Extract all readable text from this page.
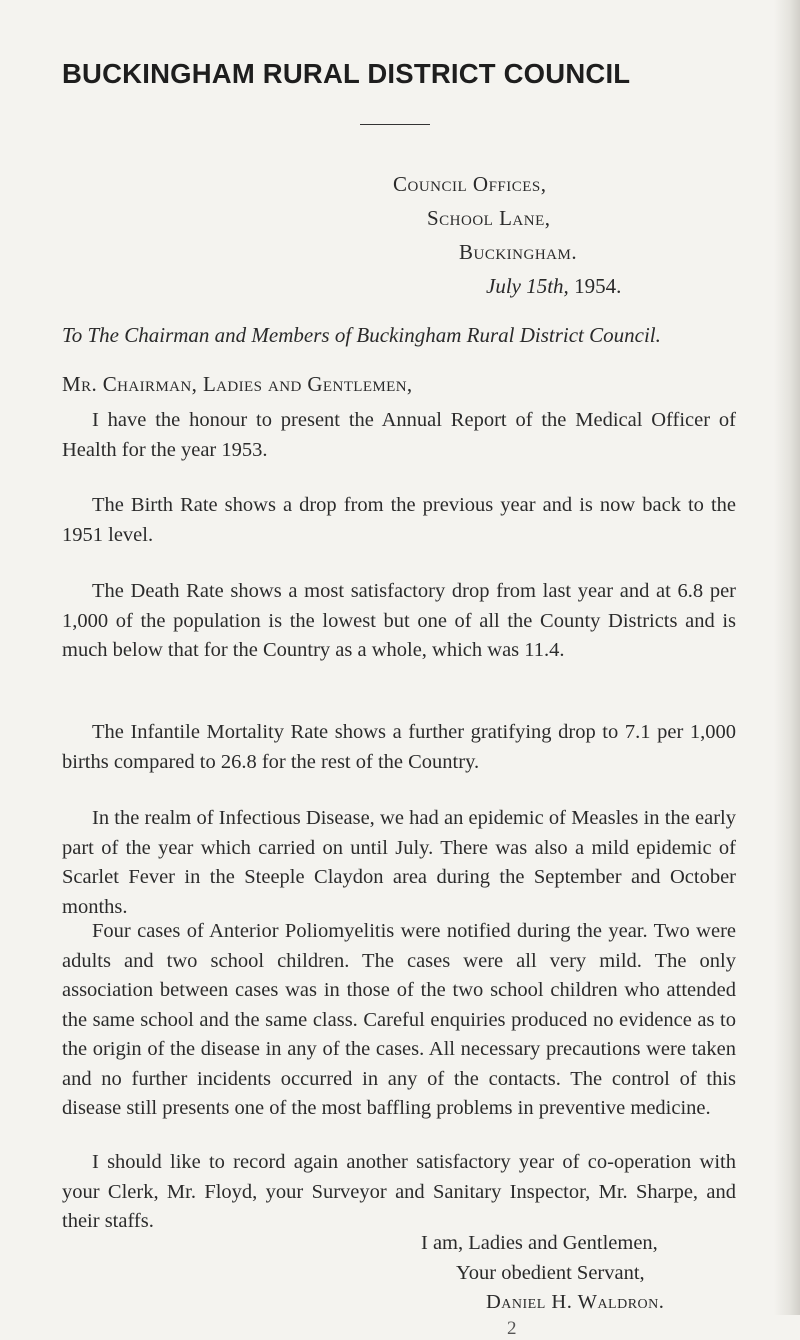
BUCKINGHAM RURAL DISTRICT COUNCIL
Council Offices,
School Lane,
Buckingham.
July 15th, 1954.
To The Chairman and Members of Buckingham Rural District Council.
Mr. Chairman, Ladies and Gentlemen,

I have the honour to present the Annual Report of the Medical Officer of Health for the year 1953.

The Birth Rate shows a drop from the previous year and is now back to the 1951 level.

The Death Rate shows a most satisfactory drop from last year and at 6.8 per 1,000 of the population is the lowest but one of all the County Districts and is much below that for the Country as a whole, which was 11.4.

The Infantile Mortality Rate shows a further gratifying drop to 7.1 per 1,000 births compared to 26.8 for the rest of the Country.

In the realm of Infectious Disease, we had an epidemic of Measles in the early part of the year which carried on until July. There was also a mild epidemic of Scarlet Fever in the Steeple Claydon area during the September and October months.

Four cases of Anterior Poliomyelitis were notified during the year. Two were adults and two school children. The cases were all very mild. The only association between cases was in those of the two school children who attended the same school and the same class. Careful enquiries produced no evidence as to the origin of the disease in any of the cases. All necessary precautions were taken and no further incidents occurred in any of the contacts. The control of this disease still presents one of the most baffling problems in preventive medicine.

I should like to record again another satisfactory year of co-operation with your Clerk, Mr. Floyd, your Surveyor and Sanitary Inspector, Mr. Sharpe, and their staffs.

I am, Ladies and Gentlemen,
Your obedient Servant,
Daniel H. Waldron.
2
